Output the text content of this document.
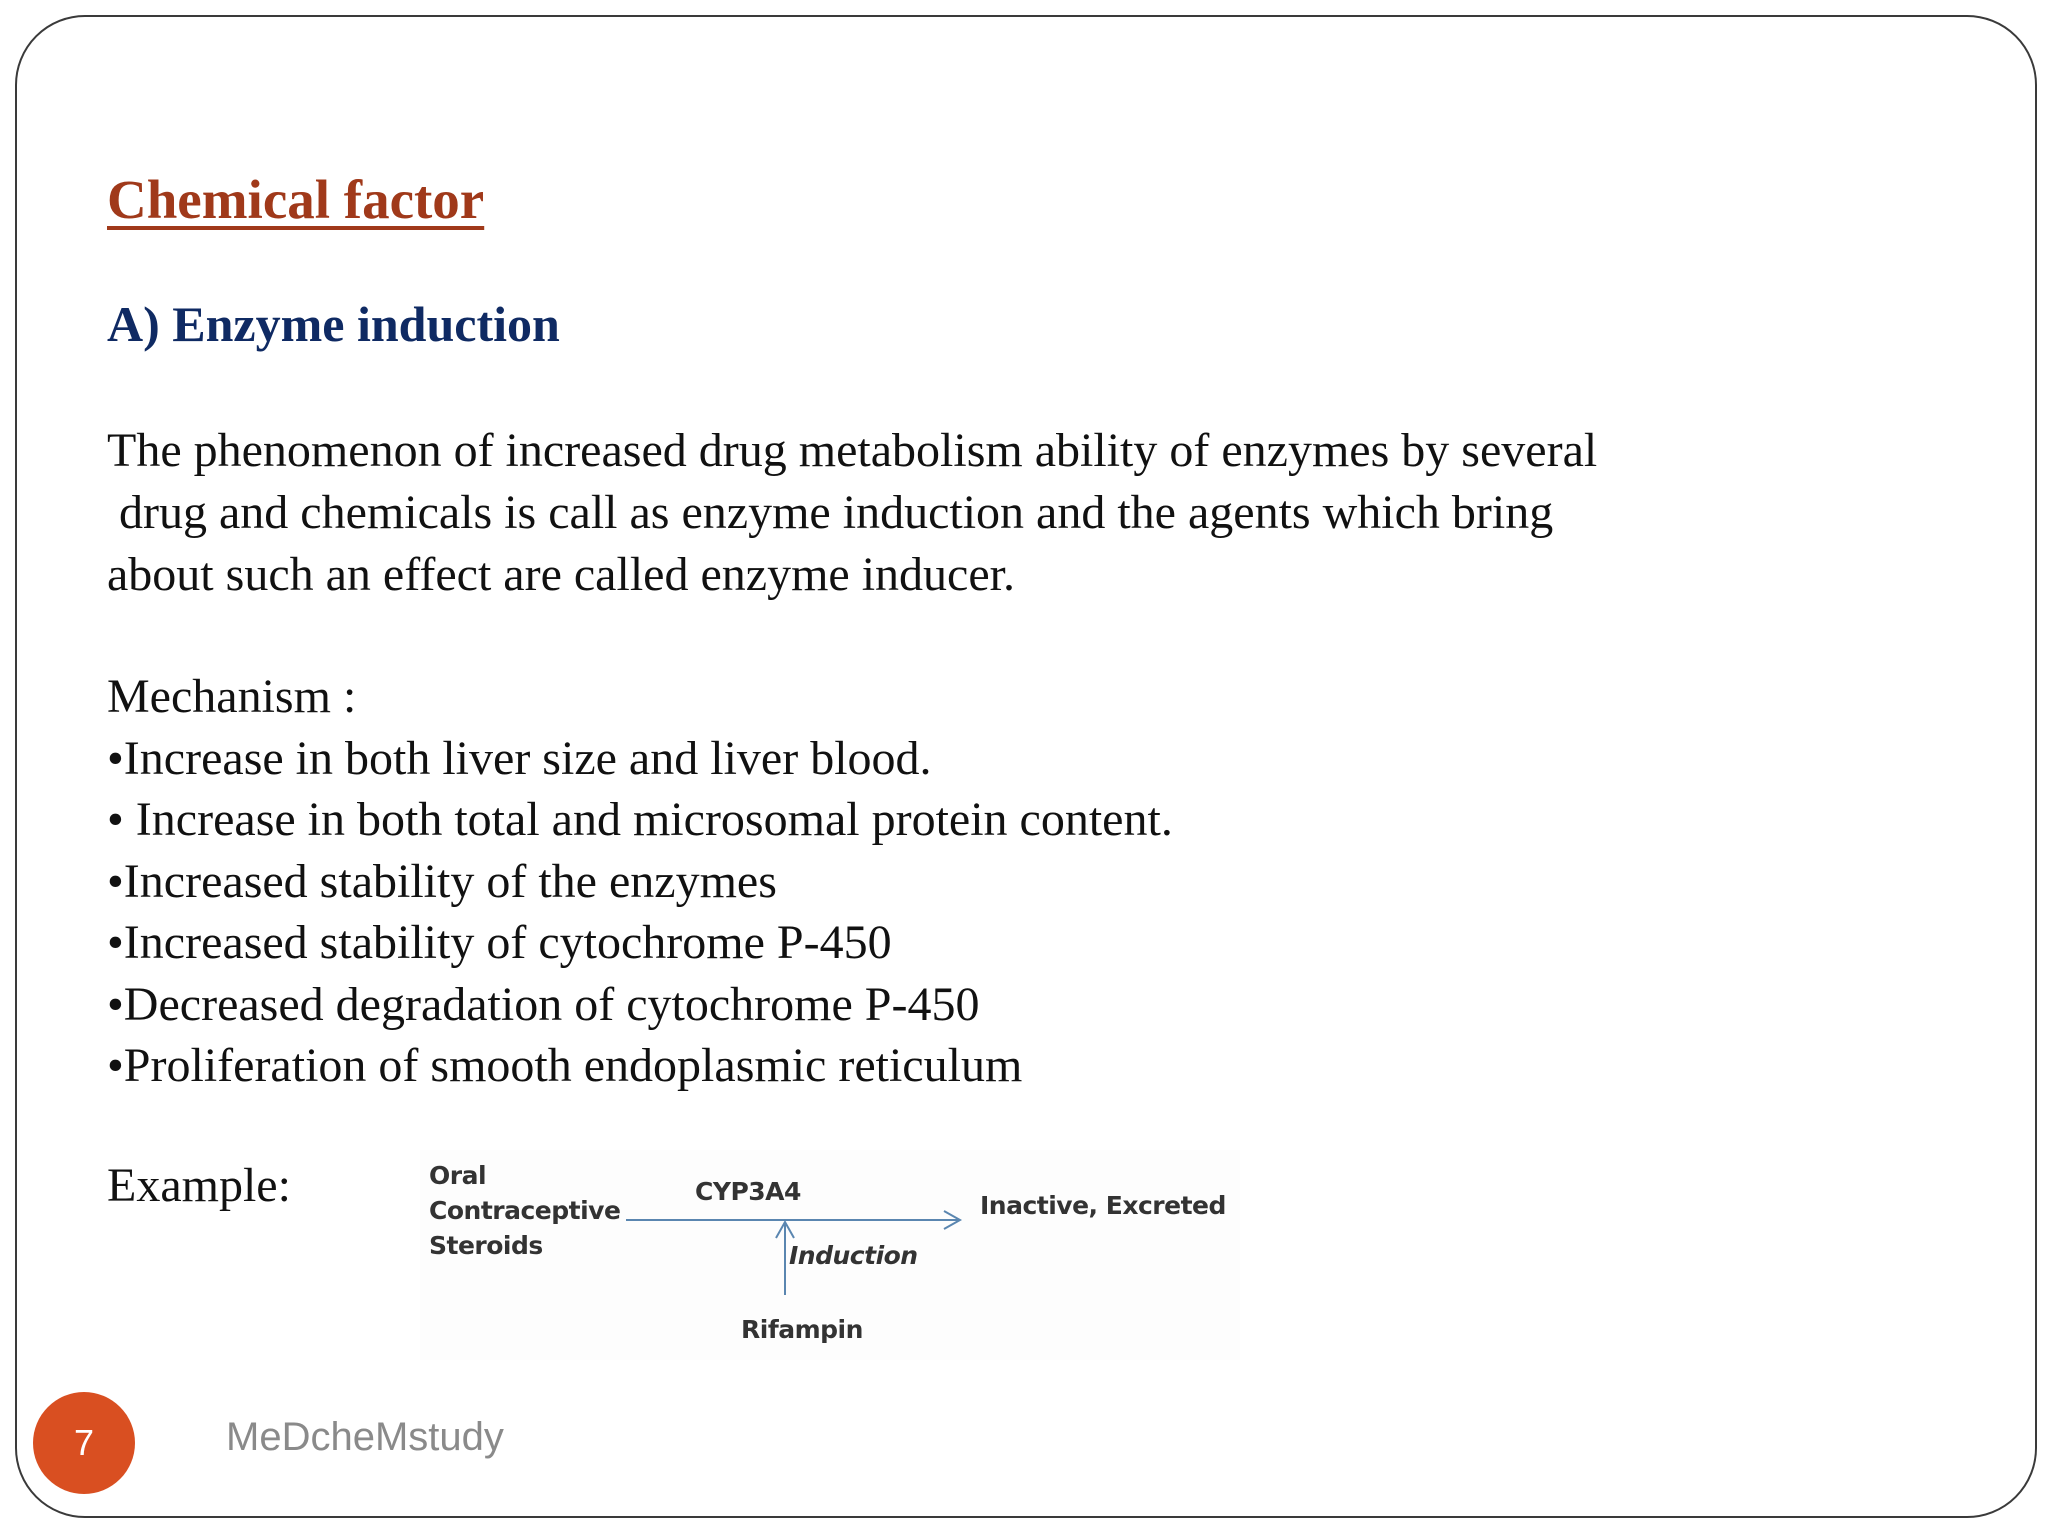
Chemical factor
A) Enzyme induction
The phenomenon of increased drug metabolism ability of enzymes by several
drug and chemicals is call as enzyme induction and the agents which bring
about such an effect are called enzyme inducer.
Mechanism :
•Increase in both liver size and liver blood.
• Increase in both total and microsomal protein content.
•Increased stability of the enzymes
•Increased stability of cytochrome P-450
•Decreased degradation of cytochrome P-450
•Proliferation of smooth endoplasmic reticulum
Example:	Oral
Contraceptive
Steroids
CYP3A4	Inactive, Excreted
Induction
Rifampin
7	MeDcheMstudy
